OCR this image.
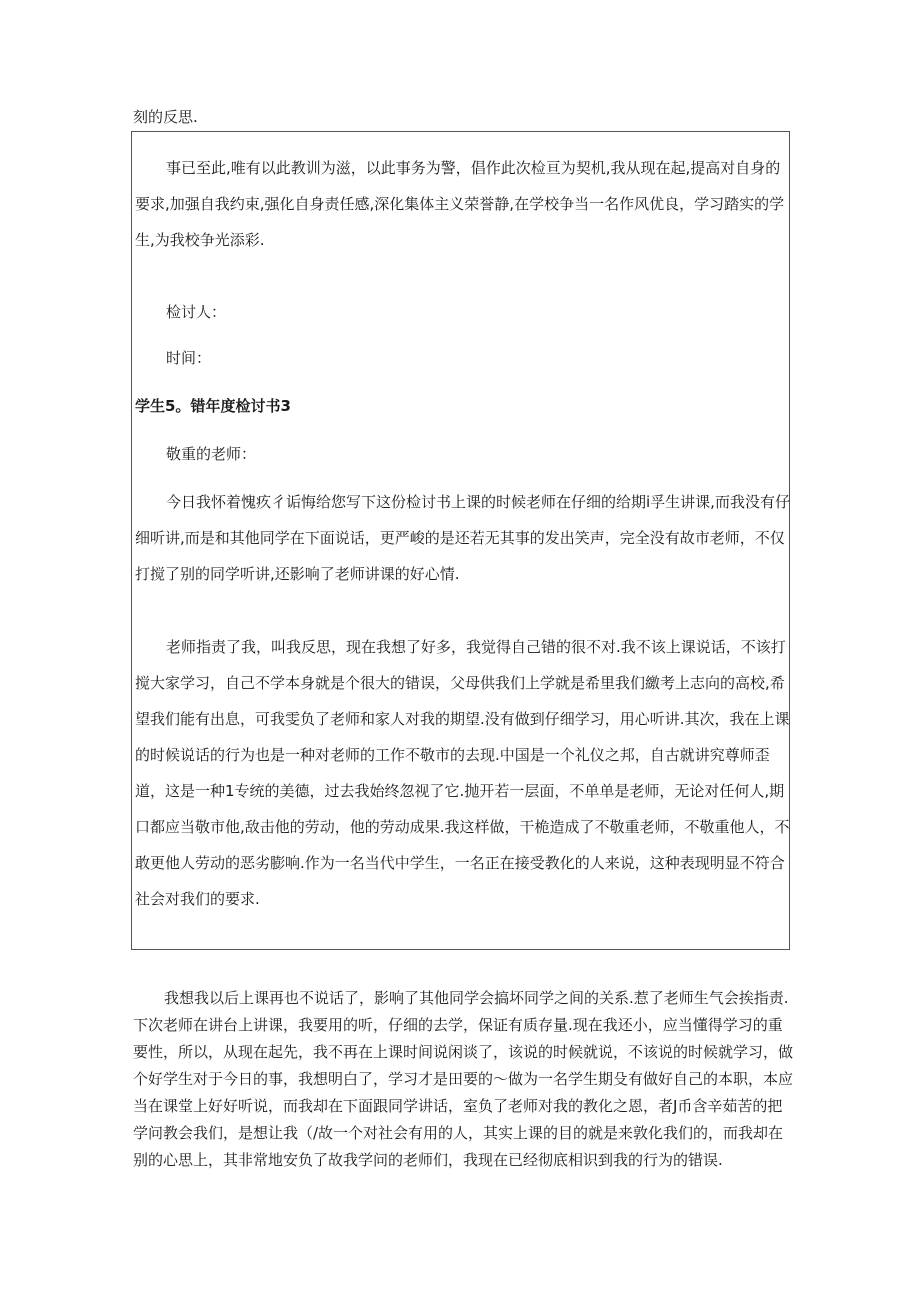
刻的反思.

事已至此,唯有以此教训为滋，以此事务为警，倡作此次检亘为契机,我从现在起,提高对自身的要求,加强自我约束,强化自身责任感,深化集体主义荣誉静,在学校争当一名作风优良，学习踏实的学生,为我校争光添彩.

检讨人：

时间：

学生5。错年度检讨书3

敬重的老师：

今日我怀着愧疚彳诟悔给您写下这份检讨书上课的时候老师在仔细的给期i孚生讲课,而我没有仔细听讲,而是和其他同学在下面说话，更严峻的是还若无其事的发出笑声，完全没有故市老师，不仅打搅了别的同学听讲,还影响了老师讲课的好心情.

老师指责了我，叫我反思，现在我想了好多，我觉得自己错的很不对.我不该上课说话，不该打搅大家学习，自己不学本身就是个很大的错误，父母供我们上学就是希里我们繳考上志向的高校,希望我们能有出息，可我雯负了老师和家人对我的期望.没有做到仔细学习，用心听讲.其次，我在上课的时候说话的行为也是一种对老师的工作不敬市的去现.中国是一个礼仪之邦，自古就讲究尊师歪道，这是一种1专统的美德，过去我始终忽视了它.抛开若一层面，不单单是老师，无论对任何人,期口都应当敬市他,敌击他的劳动，他的劳动成果.我这样做，干桅造成了不敬重老师，不敬重他人，不敢更他人劳动的恶劣膨响.作为一名当代中学生，一名正在接受教化的人来说，这种表现明显不符合社会对我们的要求.

我想我以后上课再也不说话了，影响了其他同学会搞坏同学之间的关系.惹了老师生气会挨指责.下次老师在讲台上讲课，我要用的听，仔细的去学，保证有质存量.现在我还小，应当懂得学习的重要性，所以，从现在起先，我不再在上课时间说闲谈了，该说的时候就说，不该说的时候就学习，做个好学生对于今日的事，我想明白了，学习才是田要的～做为一名学生期殳有做好自己的本职，本应当在课堂上好好听说，而我却在下面跟同学讲话，室负了老师对我的教化之恩，者J币含辛茹苦的把学问教会我们，是想让我（/故一个对社会有用的人，其实上课的目的就是来敦化我们的，而我却在别的心思上，其非常地安负了故我学问的老师们，我现在已经彻底相识到我的行为的错误.
